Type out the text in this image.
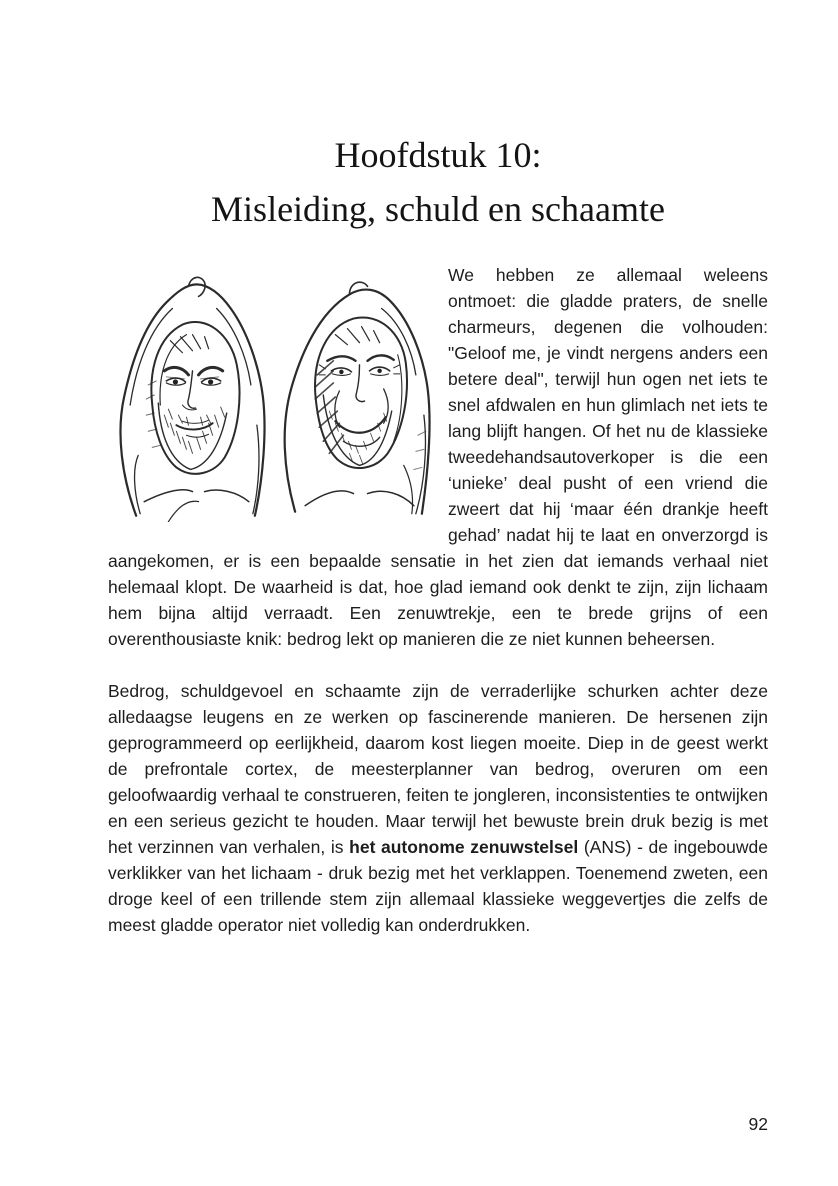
Hoofdstuk 10:
Misleiding, schuld en schaamte

We hebben ze allemaal weleens ontmoet: die gladde praters, de snelle charmeurs, degenen die volhouden: "Geloof me, je vindt nergens anders een betere deal", terwijl hun ogen net iets te snel afdwalen en hun glimlach net iets te lang blijft hangen. Of het nu de klassieke tweedehandsautoverkoper is die een ‘unieke’ deal pusht of een vriend die zweert dat hij ‘maar één drankje heeft gehad’ nadat hij te laat en onverzorgd is aangekomen, er is een bepaalde sensatie in het zien dat iemands verhaal niet helemaal klopt. De waarheid is dat, hoe glad iemand ook denkt te zijn, zijn lichaam hem bijna altijd verraadt. Een zenuwtrekje, een te brede grijns of een overenthousiaste knik: bedrog lekt op manieren die ze niet kunnen beheersen.

Bedrog, schuldgevoel en schaamte zijn de verraderlijke schurken achter deze alledaagse leugens en ze werken op fascinerende manieren. De hersenen zijn geprogrammeerd op eerlijkheid, daarom kost liegen moeite. Diep in de geest werkt de prefrontale cortex, de meesterplanner van bedrog, overuren om een geloofwaardig verhaal te construeren, feiten te jongleren, inconsistenties te ontwijken en een serieus gezicht te houden. Maar terwijl het bewuste brein druk bezig is met het verzinnen van verhalen, is het autonome zenuwstelsel (ANS) - de ingebouwde verklikker van het lichaam - druk bezig met het verklappen. Toenemend zweten, een droge keel of een trillende stem zijn allemaal klassieke weggevertjes die zelfs de meest gladde operator niet volledig kan onderdrukken.

92
